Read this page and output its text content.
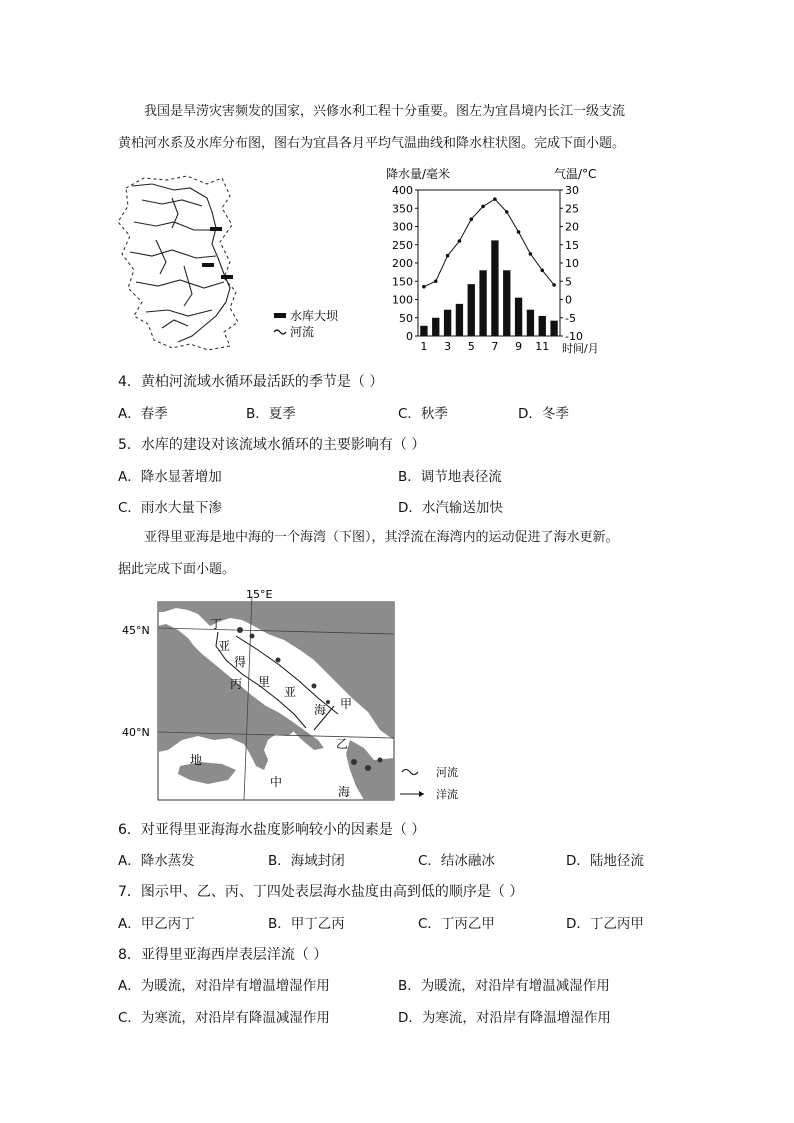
我国是旱涝灾害频发的国家，兴修水利工程十分重要。图左为宜昌境内长江一级支流
黄柏河水系及水库分布图，图右为宜昌各月平均气温曲线和降水柱状图。完成下面小题。
水库大坝
河流
降水量/毫米	气温/°C
时间/月
400
350
300
250
200
150
100
50
0
30
25
20
15
10
5
0
-5
-10
1 3 5 7 9 11
4．黄柏河流域水循环最活跃的季节是（ ）
A．春季	B．夏季	C．秋季	D．冬季
5．水库的建设对该流域水循环的主要影响有（ ）
A．降水显著增加	B．调节地表径流
C．雨水大量下渗	D．水汽输送加快
亚得里亚海是地中海的一个海湾（下图），其浮流在海湾内的运动促进了海水更新。
据此完成下面小题。
15°E
45°N
40°N
丁
亚
得
丙 里
亚
海 甲
乙
地
中
海
河流
洋流
6．对亚得里亚海海水盐度影响较小的因素是（ ）
A．降水蒸发	B．海域封闭	C．结冰融冰	D．陆地径流
7．图示甲、乙、丙、丁四处表层海水盐度由高到低的顺序是（ ）
A．甲乙丙丁	B．甲丁乙丙	C．丁丙乙甲	D．丁乙丙甲
8．亚得里亚海西岸表层洋流（ ）
A．为暖流，对沿岸有增温增湿作用	B．为暖流，对沿岸有增温减湿作用
C．为寒流，对沿岸有降温减湿作用	D．为寒流，对沿岸有降温增湿作用
